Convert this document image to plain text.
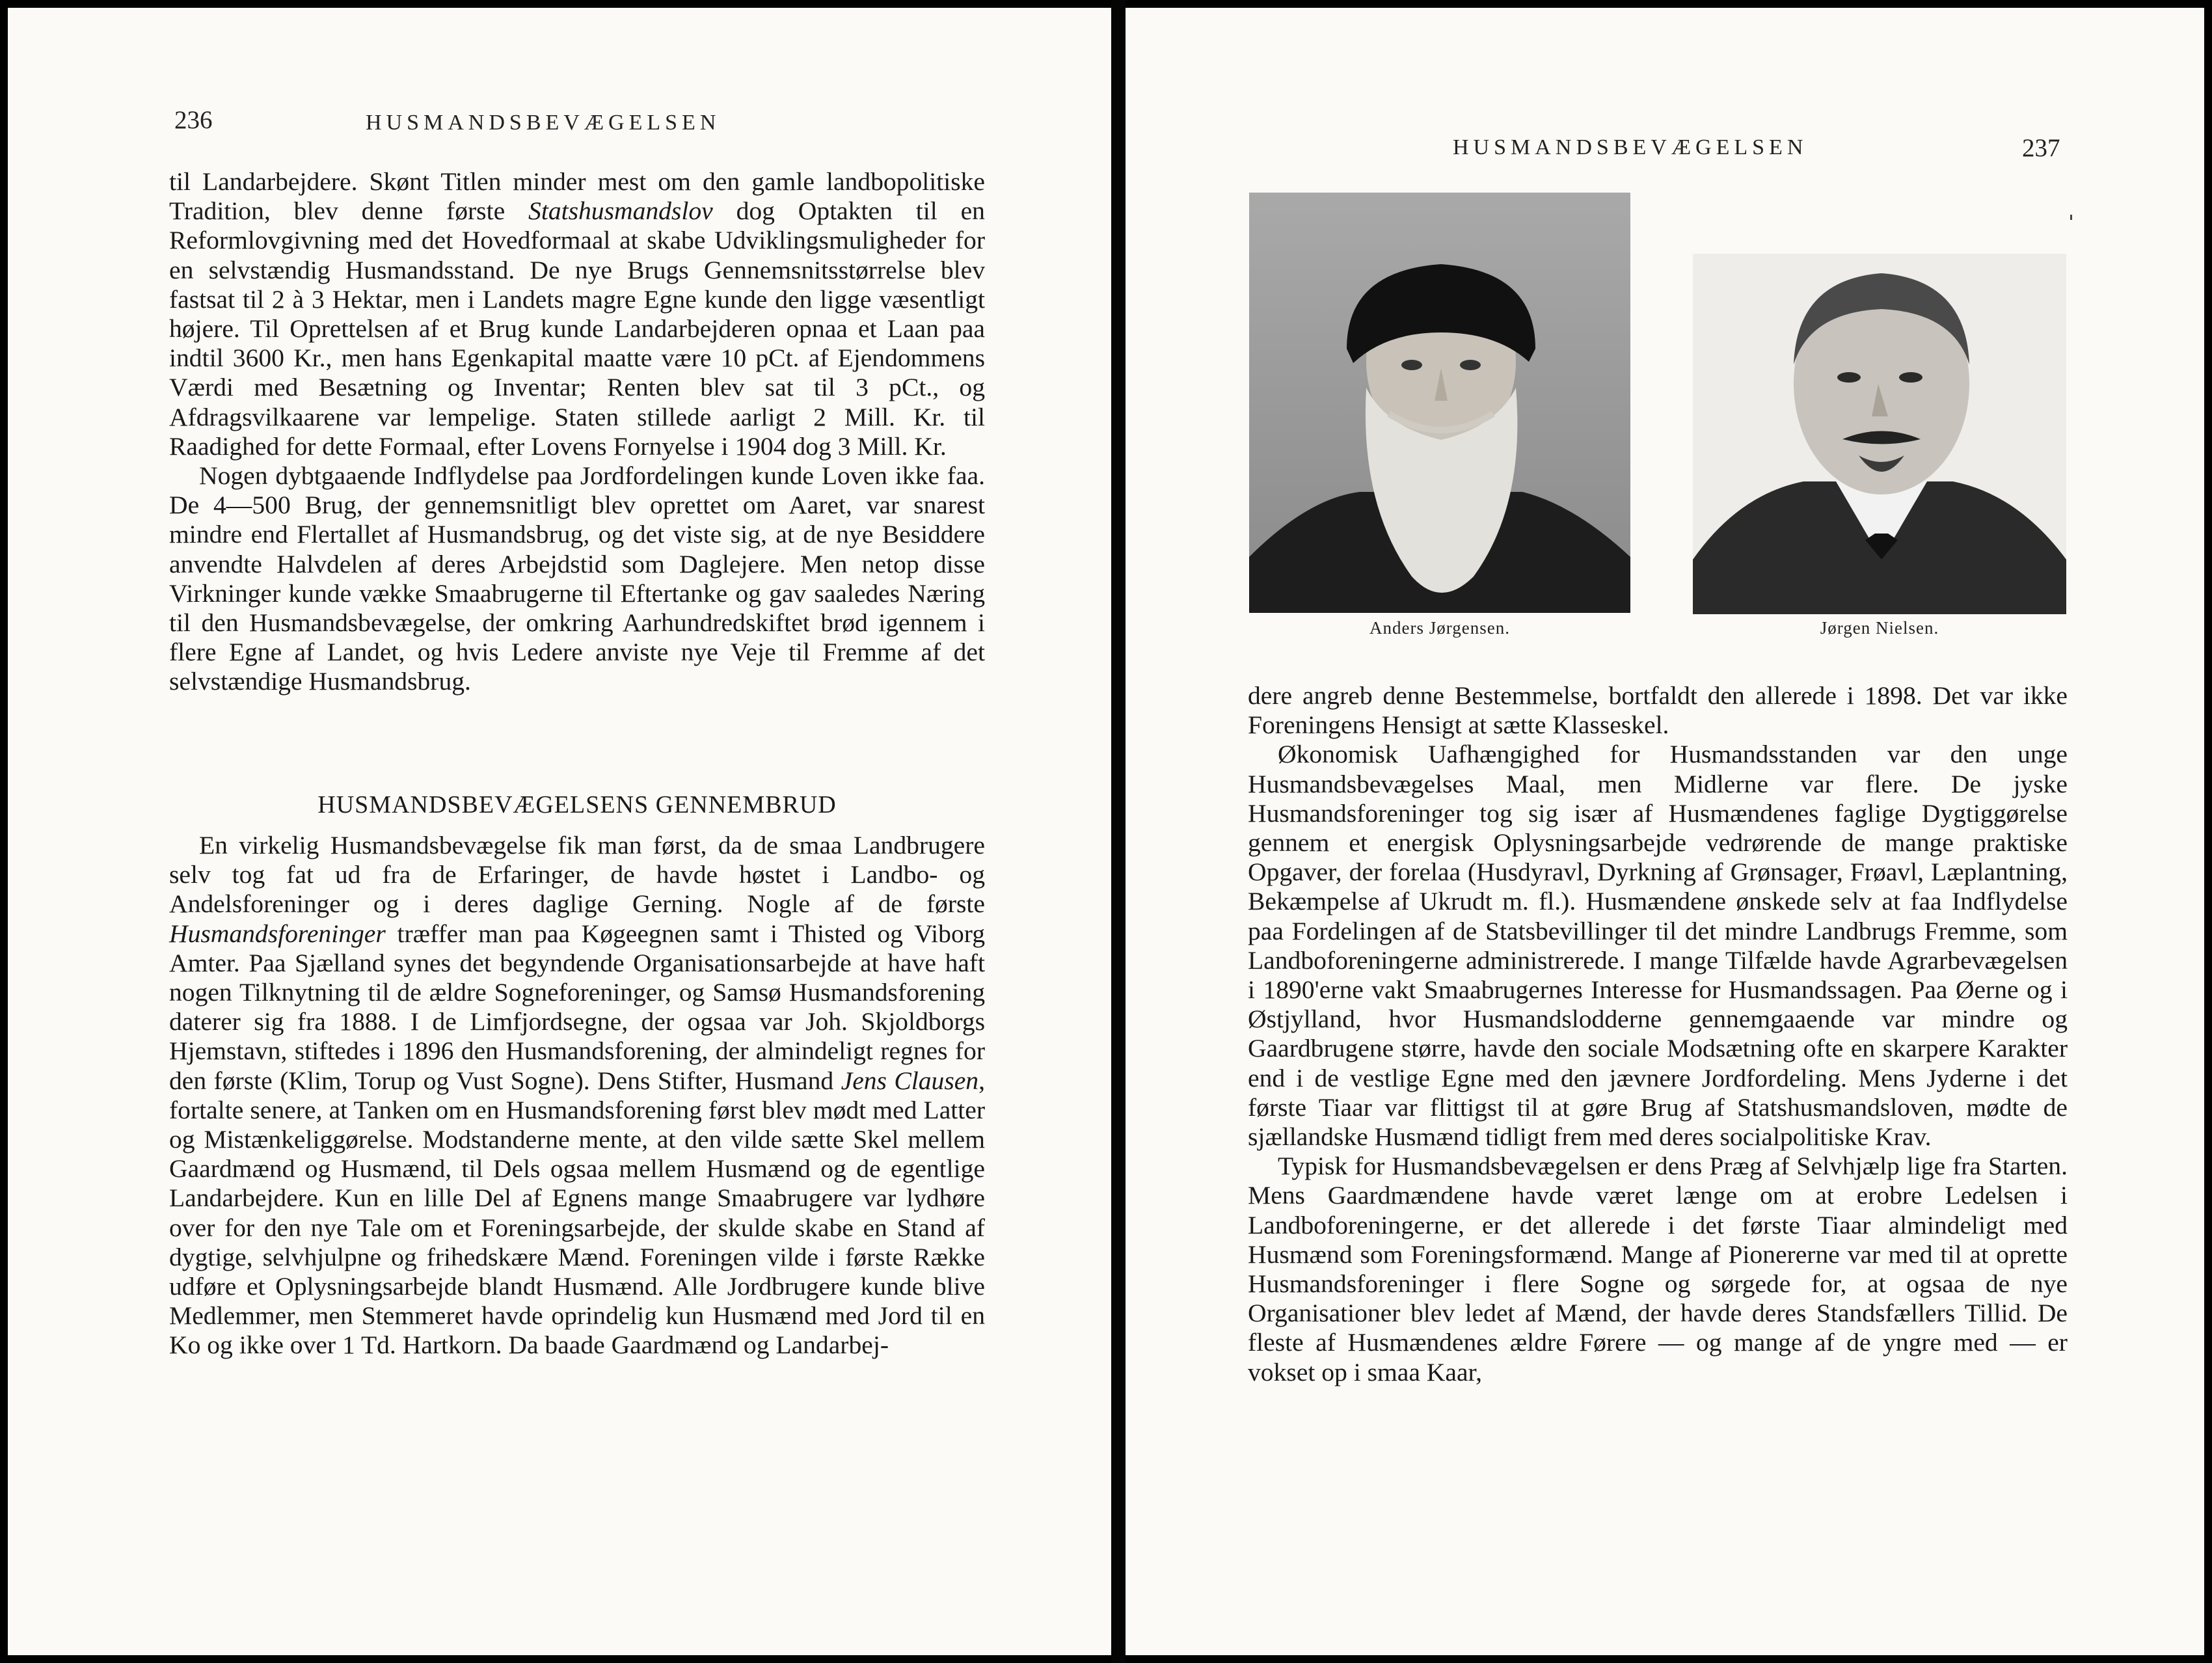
236	HUSMANDSBEVÆGELSEN

til Landarbejdere. Skønt Titlen minder mest om den gamle landbopolitiske Tradition, blev denne første Statshusmandslov dog Optakten til en Reformlovgivning med det Hovedformaal at skabe Udviklingsmuligheder for en selvstændig Husmandsstand. De nye Brugs Gennemsnitsstørrelse blev fastsat til 2 à 3 Hektar, men i Landets magre Egne kunde den ligge væsentligt højere. Til Oprettelsen af et Brug kunde Landarbejderen opnaa et Laan paa indtil 3600 Kr., men hans Egenkapital maatte være 10 pCt. af Ejendommens Værdi med Besætning og Inventar; Renten blev sat til 3 pCt., og Afdragsvilkaarene var lempelige. Staten stillede aarligt 2 Mill. Kr. til Raadighed for dette Formaal, efter Lovens Fornyelse i 1904 dog 3 Mill. Kr.

Nogen dybtgaaende Indflydelse paa Jordfordelingen kunde Loven ikke faa. De 4—500 Brug, der gennemsnitligt blev oprettet om Aaret, var snarest mindre end Flertallet af Husmandsbrug, og det viste sig, at de nye Besiddere anvendte Halvdelen af deres Arbejdstid som Daglejere. Men netop disse Virkninger kunde vække Smaabrugerne til Eftertanke og gav saaledes Næring til den Husmandsbevægelse, der omkring Aarhundredskiftet brød igennem i flere Egne af Landet, og hvis Ledere anviste nye Veje til Fremme af det selvstændige Husmandsbrug.

HUSMANDSBEVÆGELSENS GENNEMBRUD

En virkelig Husmandsbevægelse fik man først, da de smaa Landbrugere selv tog fat ud fra de Erfaringer, de havde høstet i Landbo- og Andelsforeninger og i deres daglige Gerning. Nogle af de første Husmandsforeninger træffer man paa Køgeegnen samt i Thisted og Viborg Amter. Paa Sjælland synes det begyndende Organisationsarbejde at have haft nogen Tilknytning til de ældre Sogneforeninger, og Samsø Husmandsforening daterer sig fra 1888. I de Limfjordsegne, der ogsaa var Joh. Skjoldborgs Hjemstavn, stiftedes i 1896 den Husmandsforening, der almindeligt regnes for den første (Klim, Torup og Vust Sogne). Dens Stifter, Husmand Jens Clausen, fortalte senere, at Tanken om en Husmandsforening først blev mødt med Latter og Mistænkeliggørelse. Modstanderne mente, at den vilde sætte Skel mellem Gaardmænd og Husmænd, til Dels ogsaa mellem Husmænd og de egentlige Landarbejdere. Kun en lille Del af Egnens mange Smaabrugere var lydhøre over for den nye Tale om et Foreningsarbejde, der skulde skabe en Stand af dygtige, selvhjulpne og frihedskære Mænd. Foreningen vilde i første Række udføre et Oplysningsarbejde blandt Husmænd. Alle Jordbrugere kunde blive Medlemmer, men Stemmeret havde oprindelig kun Husmænd med Jord til en Ko og ikke over 1 Td. Hartkorn. Da baade Gaardmænd og Landarbej-

HUSMANDSBEVÆGELSEN	237
Anders Jørgensen.	Jørgen Nielsen.

dere angreb denne Bestemmelse, bortfaldt den allerede i 1898. Det var ikke Foreningens Hensigt at sætte Klasseskel.

Økonomisk Uafhængighed for Husmandsstanden var den unge Husmandsbevægelses Maal, men Midlerne var flere. De jyske Husmandsforeninger tog sig især af Husmændenes faglige Dygtiggørelse gennem et energisk Oplysningsarbejde vedrørende de mange praktiske Opgaver, der forelaa (Husdyravl, Dyrkning af Grønsager, Frøavl, Læplantning, Bekæmpelse af Ukrudt m. fl.). Husmændene ønskede selv at faa Indflydelse paa Fordelingen af de Statsbevillinger til det mindre Landbrugs Fremme, som Landboforeningerne administrerede. I mange Tilfælde havde Agrarbevægelsen i 1890'erne vakt Smaabrugernes Interesse for Husmandssagen. Paa Øerne og i Østjylland, hvor Husmandslodderne gennemgaaende var mindre og Gaardbrugene større, havde den sociale Modsætning ofte en skarpere Karakter end i de vestlige Egne med den jævnere Jordfordeling. Mens Jyderne i det første Tiaar var flittigst til at gøre Brug af Statshusmandsloven, mødte de sjællandske Husmænd tidligt frem med deres socialpolitiske Krav.

Typisk for Husmandsbevægelsen er dens Præg af Selvhjælp lige fra Starten. Mens Gaardmændene havde været længe om at erobre Ledelsen i Landboforeningerne, er det allerede i det første Tiaar almindeligt med Husmænd som Foreningsformænd. Mange af Pionererne var med til at oprette Husmandsforeninger i flere Sogne og sørgede for, at ogsaa de nye Organisationer blev ledet af Mænd, der havde deres Standsfællers Tillid. De fleste af Husmændenes ældre Førere — og mange af de yngre med — er vokset op i smaa Kaar,
